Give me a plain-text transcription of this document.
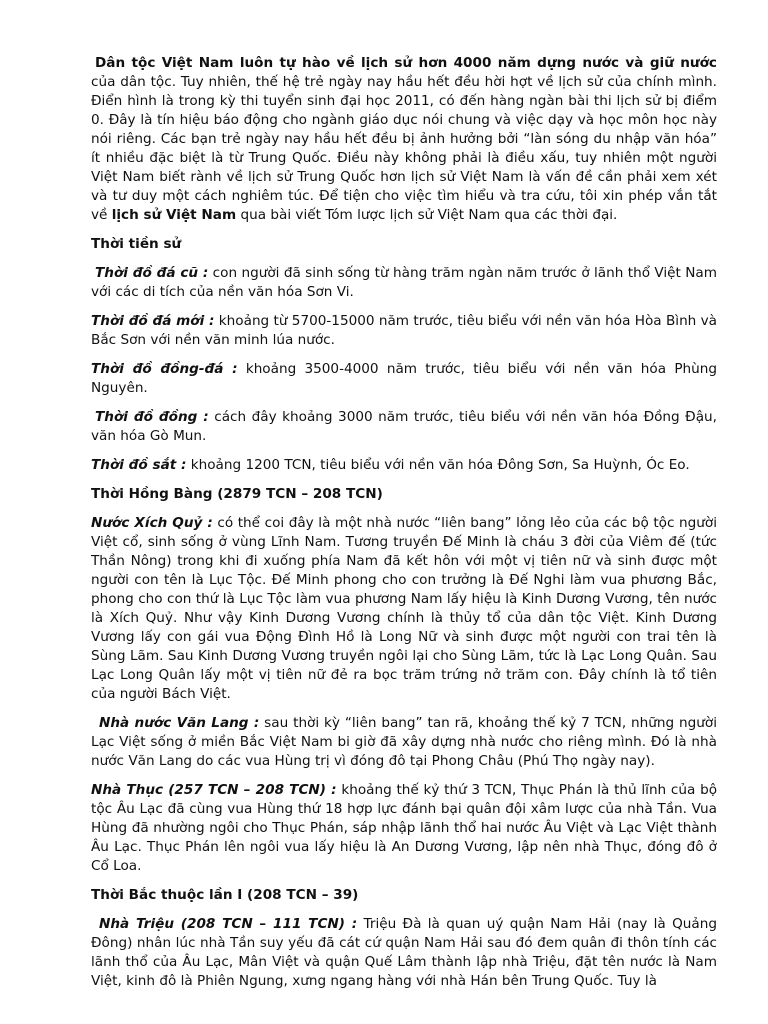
Dân tộc Việt Nam luôn tự hào về lịch sử hơn 4000 năm dựng nước và giữ nước của dân tộc. Tuy nhiên, thế hệ trẻ ngày nay hầu hết đều hời hợt về lịch sử của chính mình. Điển hình là trong kỳ thi tuyển sinh đại học 2011, có đến hàng ngàn bài thi lịch sử bị điểm 0. Đây là tín hiệu báo động cho ngành giáo dục nói chung và việc dạy và học môn học này nói riêng. Các bạn trẻ ngày nay hầu hết đều bị ảnh hưởng bởi “làn sóng du nhập văn hóa” ít nhiều đặc biệt là từ Trung Quốc. Điều này không phải là điều xấu, tuy nhiên một người Việt Nam biết rành về lịch sử Trung Quốc hơn lịch sử Việt Nam là vấn đề cần phải xem xét và tư duy một cách nghiêm túc. Để tiện cho việc tìm hiểu và tra cứu, tôi xin phép vắn tắt về lịch sử Việt Nam qua bài viết Tóm lược lịch sử Việt Nam qua các thời đại.

Thời tiền sử

Thời đồ đá cũ : con người đã sinh sống từ hàng trăm ngàn năm trước ở lãnh thổ Việt Nam với các di tích của nền văn hóa Sơn Vi.

Thời đồ đá mới : khoảng từ 5700-15000 năm trước, tiêu biểu với nền văn hóa Hòa Bình và Bắc Sơn với nền văn minh lúa nước.

Thời đồ đồng-đá : khoảng 3500-4000 năm trước, tiêu biểu với nền văn hóa Phùng Nguyên.

Thời đồ đồng : cách đây khoảng 3000 năm trước, tiêu biểu với nền văn hóa Đồng Đậu, văn hóa Gò Mun.

Thời đồ sắt : khoảng 1200 TCN, tiêu biểu với nền văn hóa Đông Sơn, Sa Huỳnh, Óc Eo.

Thời Hồng Bàng (2879 TCN – 208 TCN)

Nước Xích Quỷ : có thể coi đây là một nhà nước “liên bang” lỏng lẻo của các bộ tộc người Việt cổ, sinh sống ở vùng Lĩnh Nam. Tương truyền Đế Minh là cháu 3 đời của Viêm đế (tức Thần Nông) trong khi đi xuống phía Nam đã kết hôn với một vị tiên nữ và sinh được một người con tên là Lục Tộc. Đế Minh phong cho con trưởng là Đế Nghi làm vua phương Bắc, phong cho con thứ là Lục Tộc làm vua phương Nam lấy hiệu là Kinh Dương Vương, tên nước là Xích Quỷ. Như vậy Kinh Dương Vương chính là thủy tổ của dân tộc Việt. Kinh Dương Vương lấy con gái vua Động Đình Hồ là Long Nữ và sinh được một người con trai tên là Sùng Lãm. Sau Kinh Dương Vương truyền ngôi lại cho Sùng Lãm, tức là Lạc Long Quân. Sau Lạc Long Quân lấy một vị tiên nữ đẻ ra bọc trăm trứng nở trăm con. Đây chính là tổ tiên của người Bách Việt.

Nhà nước Văn Lang : sau thời kỳ “liên bang” tan rã, khoảng thế kỷ 7 TCN, những người Lạc Việt sống ở miền Bắc Việt Nam bi giờ đã xây dựng nhà nước cho riêng mình. Đó là nhà nước Văn Lang do các vua Hùng trị vì đóng đô tại Phong Châu (Phú Thọ ngày nay).

Nhà Thục (257 TCN – 208 TCN) : khoảng thế kỷ thứ 3 TCN, Thục Phán là thủ lĩnh của bộ tộc Âu Lạc đã cùng vua Hùng thứ 18 hợp lực đánh bại quân đội xâm lược của nhà Tần. Vua Hùng đã nhường ngôi cho Thục Phán, sáp nhập lãnh thổ hai nước Âu Việt và Lạc Việt thành Âu Lạc. Thục Phán lên ngôi vua lấy hiệu là An Dương Vương, lập nên nhà Thục, đóng đô ở Cổ Loa.

Thời Bắc thuộc lần I (208 TCN – 39)

Nhà Triệu (208 TCN – 111 TCN) : Triệu Đà là quan uý quận Nam Hải (nay là Quảng Đông) nhân lúc nhà Tần suy yếu đã cát cứ quận Nam Hải sau đó đem quân đi thôn tính các lãnh thổ của Âu Lạc, Mân Việt và quận Quế Lâm thành lập nhà Triệu, đặt tên nước là Nam Việt, kinh đô là Phiên Ngung, xưng ngang hàng với nhà Hán bên Trung Quốc. Tuy là
